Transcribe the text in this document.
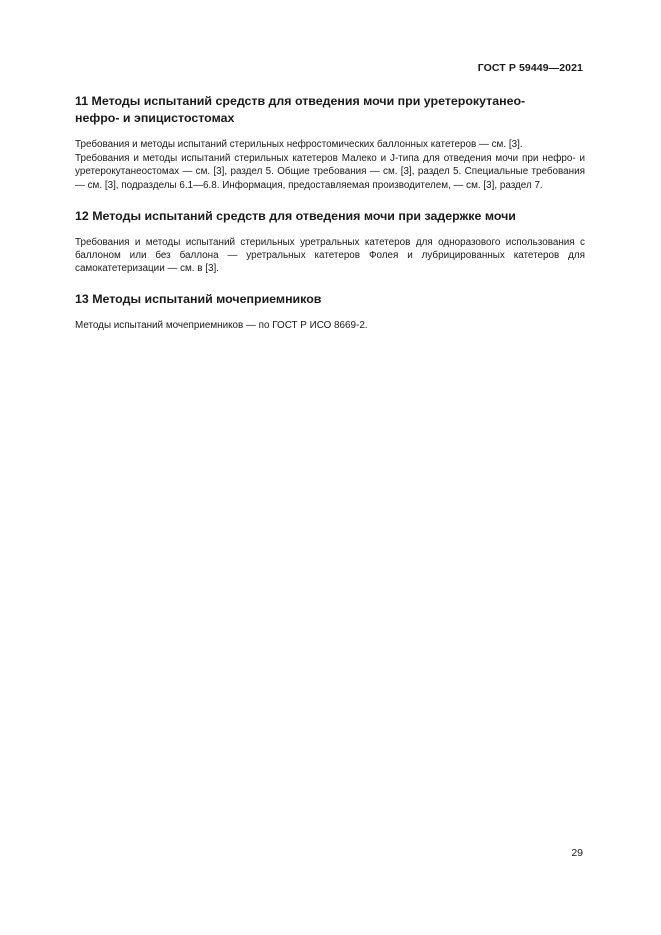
ГОСТ Р 59449—2021
11 Методы испытаний средств для отведения мочи при уретерокутанео-
нефро- и эпицистостомах

Требования и методы испытаний стерильных нефростомических баллонных катетеров — см. [3].

Требования и методы испытаний стерильных катетеров Малеко и J-типа для отведения мочи при нефро- и уретерокутанеостомах — см. [3], раздел 5. Общие требования — см. [3], раздел 5. Специальные требования — см. [3], подразделы 6.1—6.8. Информация, предоставляемая производителем, — см. [3], раздел 7.

12 Методы испытаний средств для отведения мочи при задержке мочи

Требования и методы испытаний стерильных уретральных катетеров для одноразового использования с баллоном или без баллона — уретральных катетеров Фолея и лубрицированных катетеров для самокатетеризации — см. в [3].

13 Методы испытаний мочеприемников

Методы испытаний мочеприемников — по ГОСТ Р ИСО 8669-2.

29
